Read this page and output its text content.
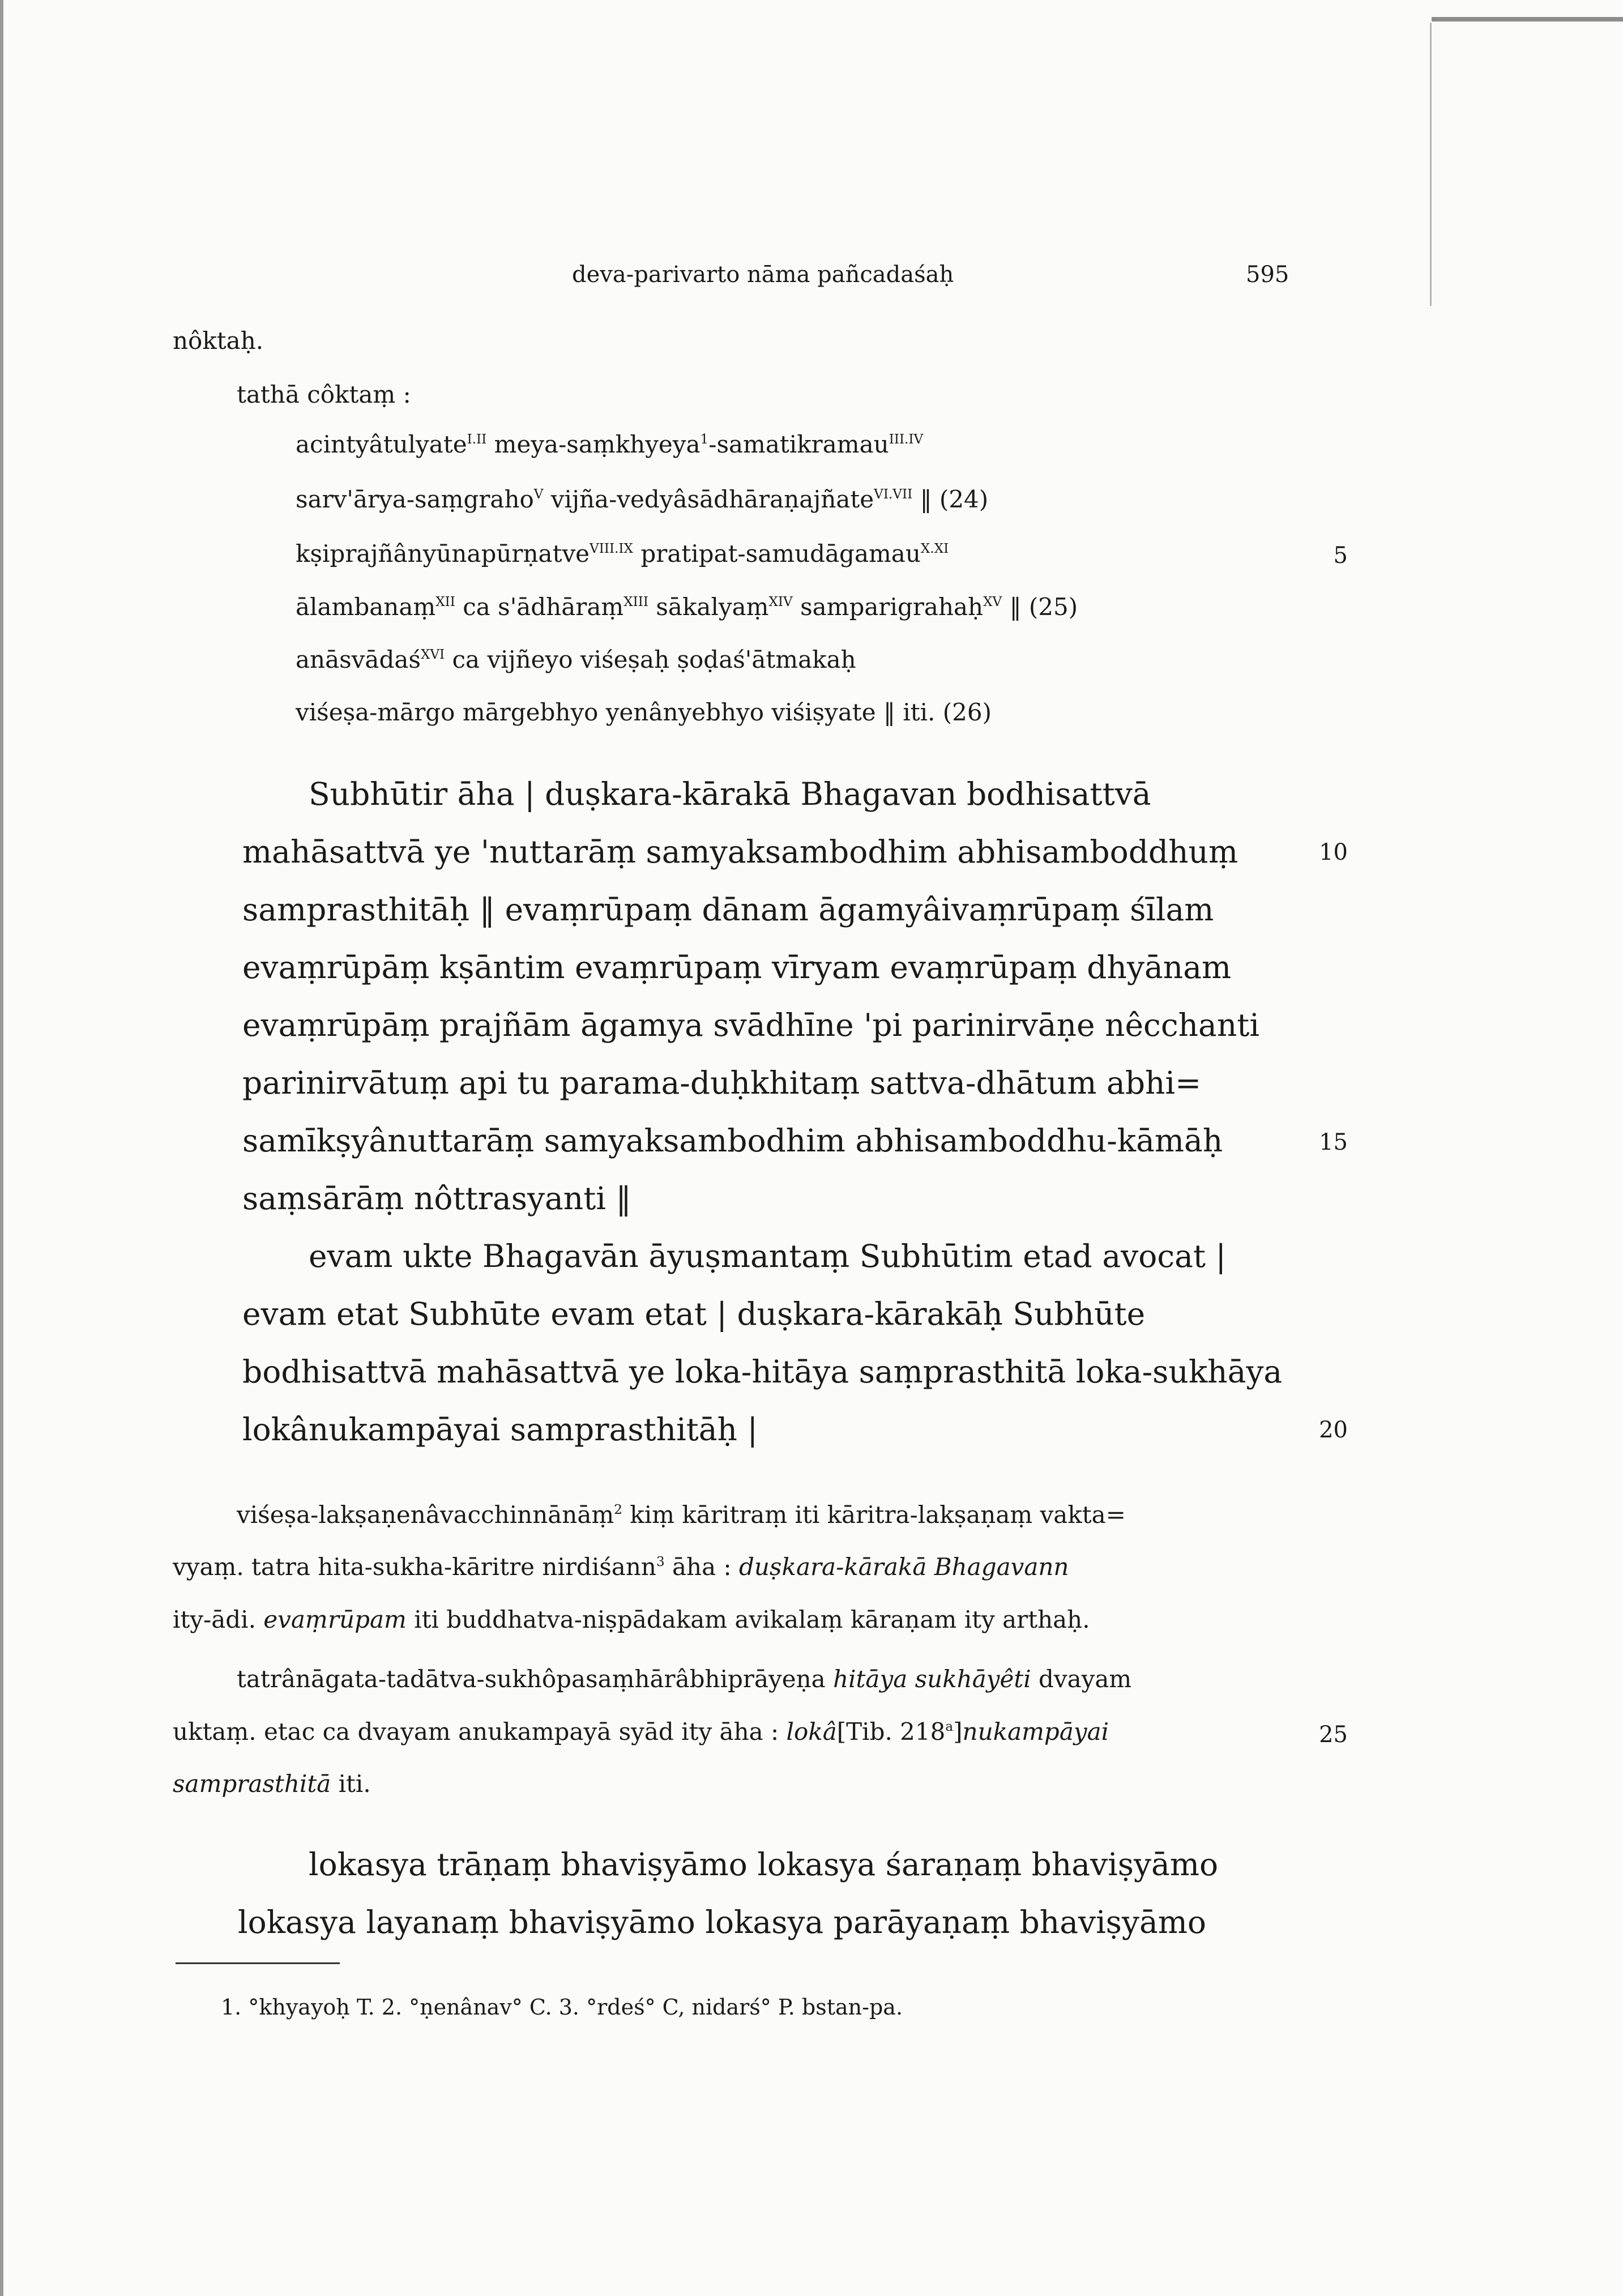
deva-parivarto nāma pañcadaśaḥ	595
nôktaḥ.
tathā côktaṃ :
acintyâtulyate$^{I.II}$ meya-saṃkhyeya$^1$-samatikramau$^{III.IV}$
sarv'ārya-saṃgraho$^V$ vijña-vedyâsādhāraṇajñate$^{VI.VII}$ ‖ (24)
kṣiprajñânyūnapūrṇatve$^{VIII.IX}$ pratipat-samudāgamau$^{X.XI}$
ālambanaṃ$^{XII}$ ca s'ādhāraṃ$^{XIII}$ sākalyaṃ$^{XIV}$ samparigrahaḥ$^{XV}$ ‖ (25)
anāsvādaś$^{XVI}$ ca vijñeyo viśeṣaḥ ṣoḍaś'ātmakaḥ
viśeṣa-mārgo mārgebhyo yenânyebhyo viśiṣyate ‖ iti. (26)
Subhūtir āha | duṣkara-kārakā Bhagavan bodhisattvā
mahāsattvā ye 'nuttarāṃ samyaksambodhim abhisamboddhuṃ
samprasthitāḥ ‖ evaṃrūpaṃ dānam āgamyâivaṃrūpaṃ śīlam
evaṃrūpāṃ kṣāntim evaṃrūpaṃ vīryam evaṃrūpaṃ dhyānam
evaṃrūpāṃ prajñām āgamya svādhīne 'pi parinirvāṇe nêcchanti
parinirvātuṃ api tu parama-duḥkhitaṃ sattva-dhātum abhi=
samīkṣyânuttarāṃ samyaksambodhim abhisamboddhu-kāmāḥ
saṃsārāṃ nôttrasyanti ‖
evam ukte Bhagavān āyuṣmantaṃ Subhūtim etad avocat |
evam etat Subhūte evam etat | duṣkara-kārakāḥ Subhūte
bodhisattvā mahāsattvā ye loka-hitāya saṃprasthitā loka-sukhāya
lokânukampāyai samprasthitāḥ |
viśeṣa-lakṣaṇenâvacchinnānāṃ$^2$ kiṃ kāritraṃ iti kāritra-lakṣaṇaṃ vakta=
vyaṃ. tatra hita-sukha-kāritre nirdiśann$^3$ āha : duṣkara-kārakā Bhagavann
ity-ādi. evaṃrūpam iti buddhatva-niṣpādakam avikalaṃ kāraṇam ity arthaḥ.
tatrânāgata-tadātva-sukhôpasaṃhārâbhiprāyeṇa hitāya sukhāyêti dvayam
uktaṃ. etac ca dvayam anukampayā syād ity āha : lokâ[Tib. 218$^a$]nukampāyai
samprasthitā iti.
lokasya trāṇaṃ bhaviṣyāmo lokasya śaraṇaṃ bhaviṣyāmo
lokasya layanaṃ bhaviṣyāmo lokasya parāyaṇaṃ bhaviṣyāmo
1. °khyayoḥ T. 2. °ṇenânav° C. 3. °rdeś° C, nidarś° P. bstan-pa.
5
10
15
20
25
